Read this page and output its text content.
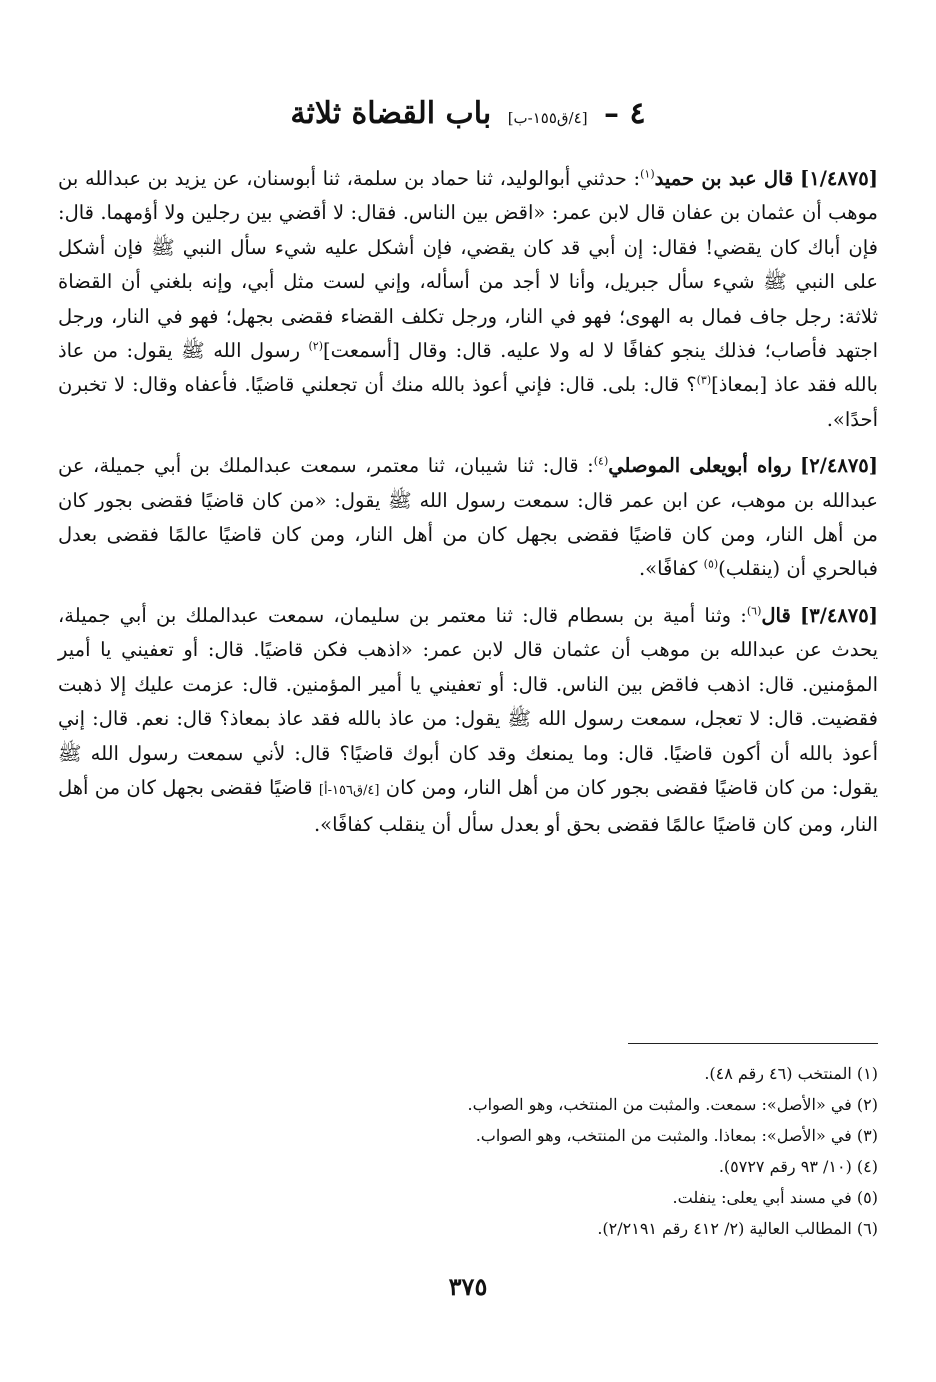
٤ – [٤/ق١٥٥-ب] باب القضاة ثلاثة

[١/٤٨٧٥] قال عبد بن حميد$^{(١)}$: حدثني أبوالوليد، ثنا حماد بن سلمة، ثنا أبوسنان، عن يزيد بن عبدالله بن موهب أن عثمان بن عفان قال لابن عمر: «اقض بين الناس. فقال: لا أقضي بين رجلين ولا أؤمهما. قال: فإن أباك كان يقضي! فقال: إن أبي قد كان يقضي، فإن أشكل عليه شيء سأل النبي ﷺ فإن أشكل على النبي ﷺ شيء سأل جبريل، وأنا لا أجد من أسأله، وإني لست مثل أبي، وإنه بلغني أن القضاة ثلاثة: رجل جاف فمال به الهوى؛ فهو في النار، ورجل تكلف القضاء فقضى بجهل؛ فهو في النار، ورجل اجتهد فأصاب؛ فذلك ينجو كفافًا لا له ولا عليه. قال: وقال [أسمعت]$^{(٢)}$ رسول الله ﷺ يقول: من عاذ بالله فقد عاذ [بمعاذ]$^{(٣)}$؟ قال: بلى. قال: فإني أعوذ بالله منك أن تجعلني قاضيًا. فأعفاه وقال: لا تخبرن أحدًا».

[٢/٤٨٧٥] رواه أبويعلى الموصلي$^{(٤)}$: قال: ثنا شيبان، ثنا معتمر، سمعت عبدالملك بن أبي جميلة، عن عبدالله بن موهب، عن ابن عمر قال: سمعت رسول الله ﷺ يقول: «من كان قاضيًا فقضى بجور كان من أهل النار، ومن كان قاضيًا فقضى بجهل كان من أهل النار، ومن كان قاضيًا عالمًا فقضى بعدل فبالحري أن (ينقلب)$^{(٥)}$ كفافًا».

[٣/٤٨٧٥] قال$^{(٦)}$: وثنا أمية بن بسطام قال: ثنا معتمر بن سليمان، سمعت عبدالملك بن أبي جميلة، يحدث عن عبدالله بن موهب أن عثمان قال لابن عمر: «اذهب فكن قاضيًا. قال: أو تعفيني يا أمير المؤمنين. قال: اذهب فاقض بين الناس. قال: أو تعفيني يا أمير المؤمنين. قال: عزمت عليك إلا ذهبت فقضيت. قال: لا تعجل، سمعت رسول الله ﷺ يقول: من عاذ بالله فقد عاذ بمعاذ؟ قال: نعم. قال: إني أعوذ بالله أن أكون قاضيًا. قال: وما يمنعك وقد كان أبوك قاضيًا؟ قال: لأني سمعت رسول الله ﷺ يقول: من كان قاضيًا فقضى بجور كان من أهل النار، ومن كان [٤/ق١٥٦-أ] قاضيًا فقضى بجهل كان من أهل النار، ومن كان قاضيًا عالمًا فقضى بحق أو بعدل سأل أن ينقلب كفافًا».

(١) المنتخب (٤٦ رقم ٤٨).
(٢) في «الأصل»: سمعت. والمثبت من المنتخب، وهو الصواب.
(٣) في «الأصل»: بمعاذا. والمثبت من المنتخب، وهو الصواب.
(٤) (١٠/ ٩٣ رقم ٥٧٢٧).
(٥) في مسند أبي يعلى: ينفلت.
(٦) المطالب العالية (٢/ ٤١٢ رقم ٢/٢١٩١).
٣٧٥
